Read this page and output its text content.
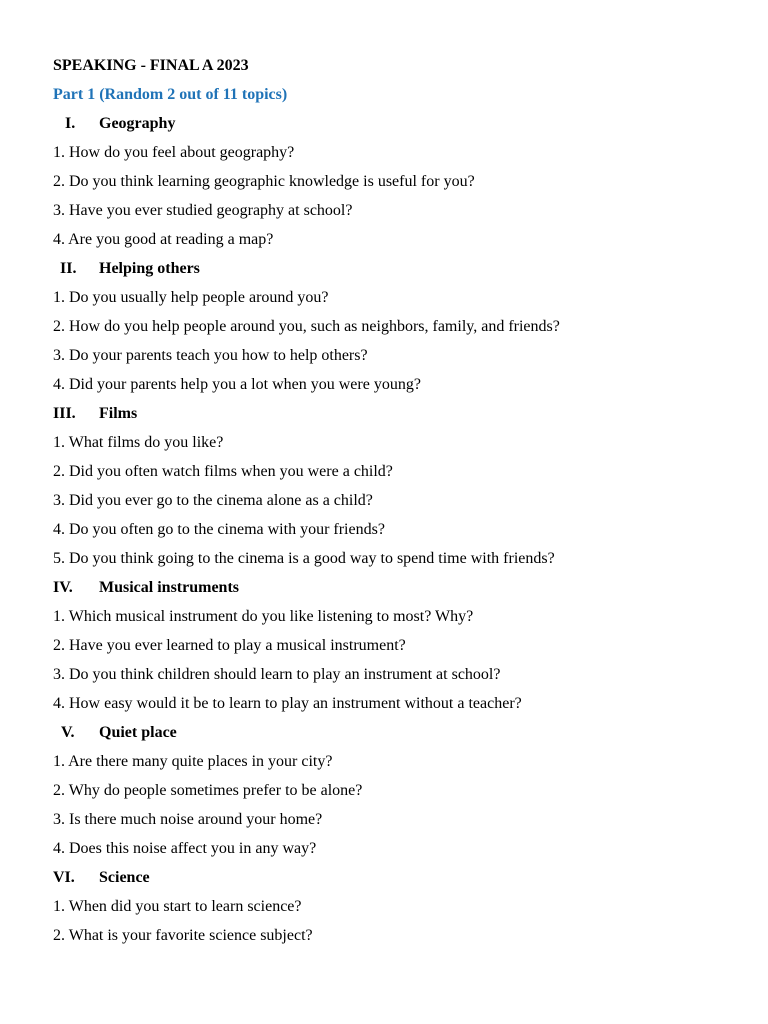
SPEAKING - FINAL A 2023
Part 1 (Random 2 out of 11 topics)
I. Geography
1. How do you feel about geography?
2. Do you think learning geographic knowledge is useful for you?
3. Have you ever studied geography at school?
4. Are you good at reading a map?
II. Helping others
1. Do you usually help people around you?
2. How do you help people around you, such as neighbors, family, and friends?
3. Do your parents teach you how to help others?
4. Did your parents help you a lot when you were young?
III. Films
1. What films do you like?
2. Did you often watch films when you were a child?
3. Did you ever go to the cinema alone as a child?
4. Do you often go to the cinema with your friends?
5. Do you think going to the cinema is a good way to spend time with friends?
IV. Musical instruments
1. Which musical instrument do you like listening to most? Why?
2. Have you ever learned to play a musical instrument?
3. Do you think children should learn to play an instrument at school?
4. How easy would it be to learn to play an instrument without a teacher?
V. Quiet place
1. Are there many quite places in your city?
2. Why do people sometimes prefer to be alone?
3. Is there much noise around your home?
4. Does this noise affect you in any way?
VI. Science
1. When did you start to learn science?
2. What is your favorite science subject?
